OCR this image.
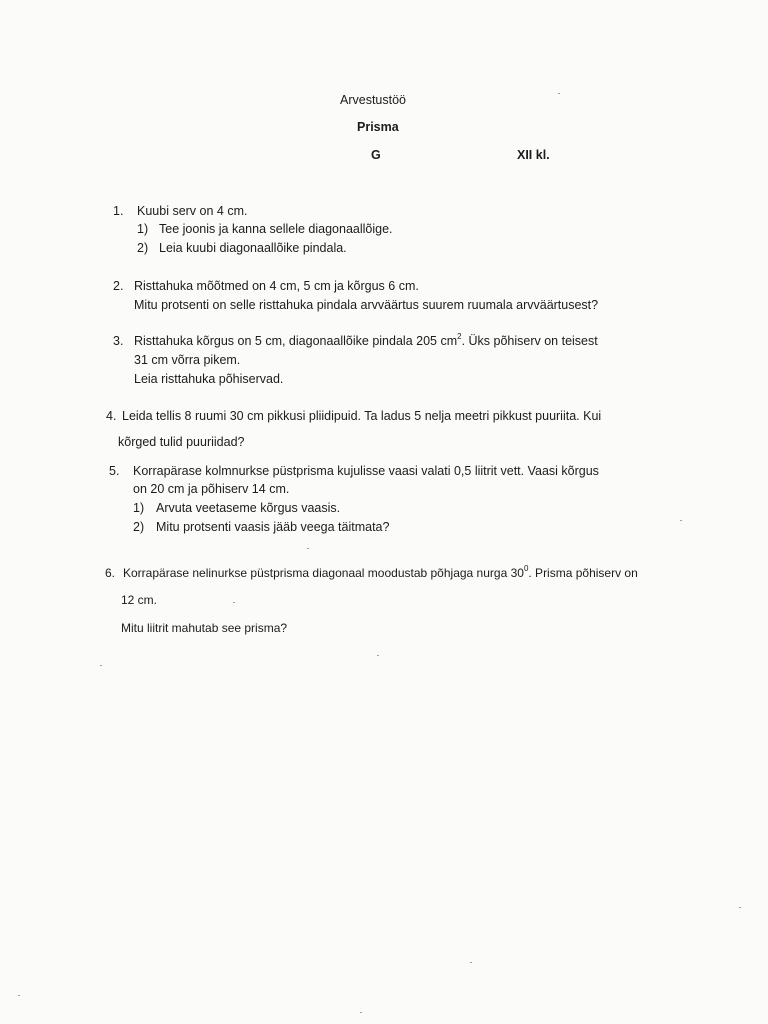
Arvestustöö
Prisma
G	XII kl.
1. Kuubi serv on 4 cm.
1) Tee joonis ja kanna sellele diagonaallõige.
2) Leia kuubi diagonaallõike pindala.
2. Risttahuka mõõtmed on 4 cm, 5 cm ja kõrgus 6 cm.
Mitu protsenti on selle risttahuka pindala arvväärtus suurem ruumala arvväärtusest?
3. Risttahuka kõrgus on 5 cm, diagonaallõike pindala 205 $cm^2$. Üks põhiserv on teisest
31 cm võrra pikem.
Leia risttahuka põhiservad.
4. Leida tellis 8 ruumi 30 cm pikkusi pliidipuid. Ta ladus 5 nelja meetri pikkust puuriita. Kui
kõrged tulid puuriidad?
5. Korrapärase kolmnurkse püstprisma kujulisse vaasi valati 0,5 liitrit vett. Vaasi kõrgus
on 20 cm ja põhiserv 14 cm.
1) Arvuta veetaseme kõrgus vaasis.
2) Mitu protsenti vaasis jääb veega täitmata?
6. Korrapärase nelinurkse püstprisma diagonaal moodustab põhjaga nurga $30^0$. Prisma põhiserv on
12 cm.
Mitu liitrit mahutab see prisma?
